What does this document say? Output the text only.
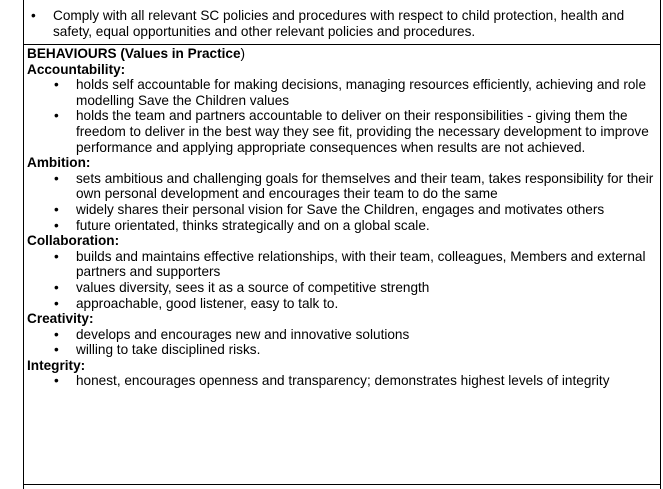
• Comply with all relevant SC policies and procedures with respect to child protection, health and safety, equal opportunities and other relevant policies and procedures.
BEHAVIOURS (Values in Practice)
Accountability:
• holds self accountable for making decisions, managing resources efficiently, achieving and role modelling Save the Children values
• holds the team and partners accountable to deliver on their responsibilities - giving them the freedom to deliver in the best way they see fit, providing the necessary development to improve performance and applying appropriate consequences when results are not achieved.
Ambition:
• sets ambitious and challenging goals for themselves and their team, takes responsibility for their own personal development and encourages their team to do the same
• widely shares their personal vision for Save the Children, engages and motivates others
• future orientated, thinks strategically and on a global scale.
Collaboration:
• builds and maintains effective relationships, with their team, colleagues, Members and external partners and supporters
• values diversity, sees it as a source of competitive strength
• approachable, good listener, easy to talk to.
Creativity:
• develops and encourages new and innovative solutions
• willing to take disciplined risks.
Integrity:
• honest, encourages openness and transparency; demonstrates highest levels of integrity
